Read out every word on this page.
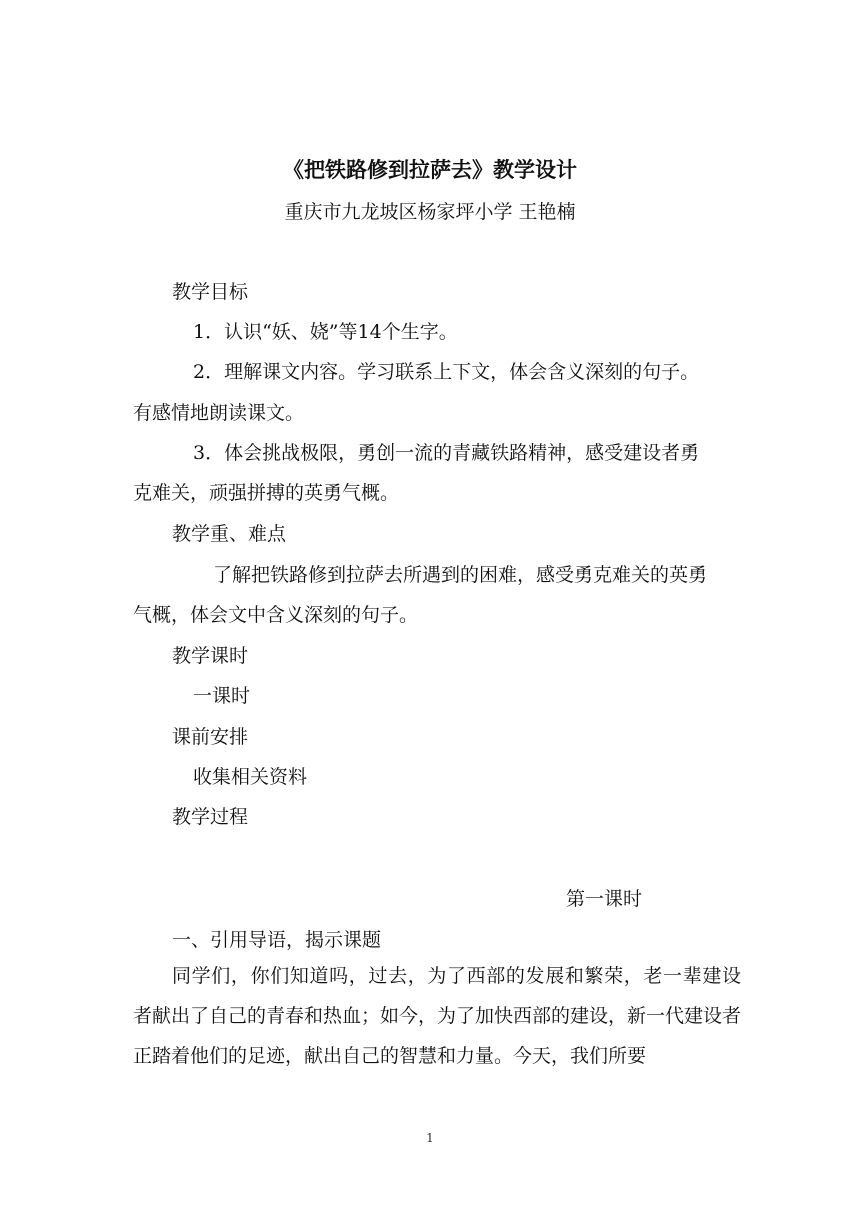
《把铁路修到拉萨去》教学设计
重庆市九龙坡区杨家坪小学 王艳楠
教学目标
1．认识“妖、娆”等14个生字。
2．理解课文内容。学习联系上下文，体会含义深刻的句子。
有感情地朗读课文。
3．体会挑战极限，勇创一流的青藏铁路精神，感受建设者勇
克难关，顽强拼搏的英勇气概。
教学重、难点
了解把铁路修到拉萨去所遇到的困难，感受勇克难关的英勇
气概，体会文中含义深刻的句子。
教学课时
一课时
课前安排
收集相关资料
教学过程
第一课时
一、引用导语，揭示课题
同学们，你们知道吗，过去，为了西部的发展和繁荣，老一辈建设者献出了自己的青春和热血；如今，为了加快西部的建设，新一代建设者正踏着他们的足迹，献出自己的智慧和力量。今天，我们所要
1
